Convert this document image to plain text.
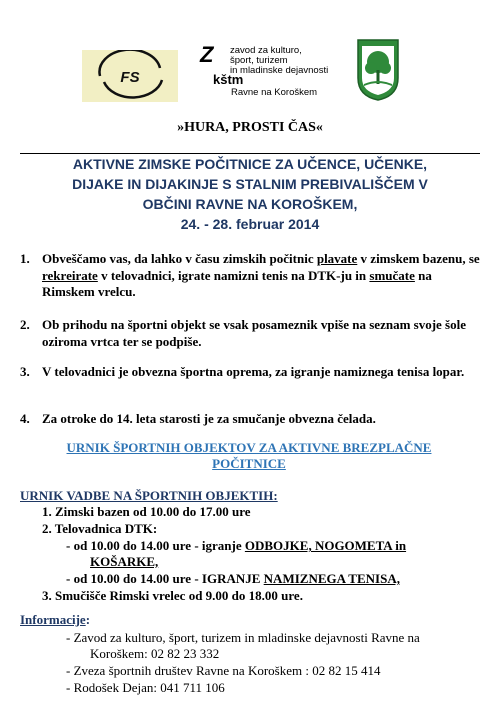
FS
Z zavod za kulturo,
šport, turizem
in mladinske dejavnosti
kštm
Ravne na Koroškem
»HURA, PROSTI ČAS«
AKTIVNE ZIMSKE POČITNICE ZA UČENCE, UČENKE,
DIJAKE IN DIJAKINJE S STALNIM PREBIVALIŠČEM V
OBČINI RAVNE NA KOROŠKEM,
24. - 28. februar 2014
1. Obveščamo vas, da lahko v času zimskih počitnic plavate v zimskem bazenu, se rekreirate v telovadnici, igrate namizni tenis na DTK-ju in smučate na Rimskem vrelcu.
2. Ob prihodu na športni objekt se vsak posameznik vpiše na seznam svoje šole oziroma vrtca ter se podpiše.
3. V telovadnici je obvezna športna oprema, za igranje namiznega tenisa lopar.
4. Za otroke do 14. leta starosti je za smučanje obvezna čelada.
URNIK ŠPORTNIH OBJEKTOV ZA AKTIVNE BREZPLAČNE POČITNICE
URNIK VADBE NA ŠPORTNIH OBJEKTIH:
1. Zimski bazen od 10.00 do 17.00 ure
2. Telovadnica DTK:
- od 10.00 do 14.00 ure - igranje ODBOJKE, NOGOMETA in
KOŠARKE,
- od 10.00 do 14.00 ure - IGRANJE NAMIZNEGA TENISA,
3. Smučišče Rimski vrelec od 9.00 do 18.00 ure.
Informacije:
- Zavod za kulturo, šport, turizem in mladinske dejavnosti Ravne na
Koroškem: 02 82 23 332
- Zveza športnih društev Ravne na Koroškem : 02 82 15 414
- Rodošek Dejan: 041 711 106
